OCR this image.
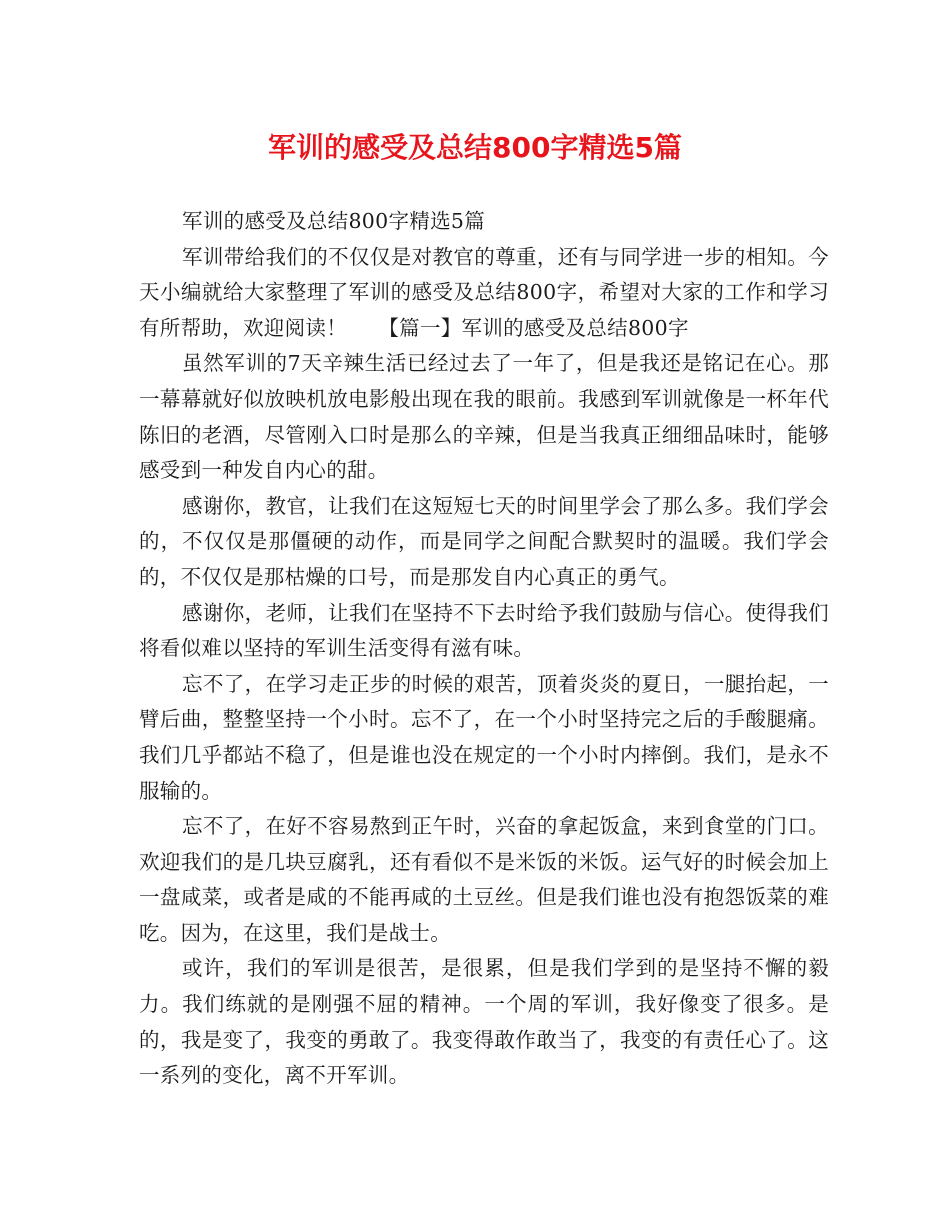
军训的感受及总结800字精选5篇

军训的感受及总结800字精选5篇

军训带给我们的不仅仅是对教官的尊重，还有与同学进一步的相知。今天小编就给大家整理了军训的感受及总结800字，希望对大家的工作和学习有所帮助，欢迎阅读！　　【篇一】军训的感受及总结800字

虽然军训的7天辛辣生活已经过去了一年了，但是我还是铭记在心。那一幕幕就好似放映机放电影般出现在我的眼前。我感到军训就像是一杯年代陈旧的老酒，尽管刚入口时是那么的辛辣，但是当我真正细细品味时，能够感受到一种发自内心的甜。

感谢你，教官，让我们在这短短七天的时间里学会了那么多。我们学会的，不仅仅是那僵硬的动作，而是同学之间配合默契时的温暖。我们学会的，不仅仅是那枯燥的口号，而是那发自内心真正的勇气。

感谢你，老师，让我们在坚持不下去时给予我们鼓励与信心。使得我们将看似难以坚持的军训生活变得有滋有味。

忘不了，在学习走正步的时候的艰苦，顶着炎炎的夏日，一腿抬起，一臂后曲，整整坚持一个小时。忘不了，在一个小时坚持完之后的手酸腿痛。我们几乎都站不稳了，但是谁也没在规定的一个小时内摔倒。我们，是永不服输的。

忘不了，在好不容易熬到正午时，兴奋的拿起饭盒，来到食堂的门口。欢迎我们的是几块豆腐乳，还有看似不是米饭的米饭。运气好的时候会加上一盘咸菜，或者是咸的不能再咸的土豆丝。但是我们谁也没有抱怨饭菜的难吃。因为，在这里，我们是战士。

或许，我们的军训是很苦，是很累，但是我们学到的是坚持不懈的毅力。我们练就的是刚强不屈的精神。一个周的军训，我好像变了很多。是的，我是变了，我变的勇敢了。我变得敢作敢当了，我变的有责任心了。这一系列的变化，离不开军训。
